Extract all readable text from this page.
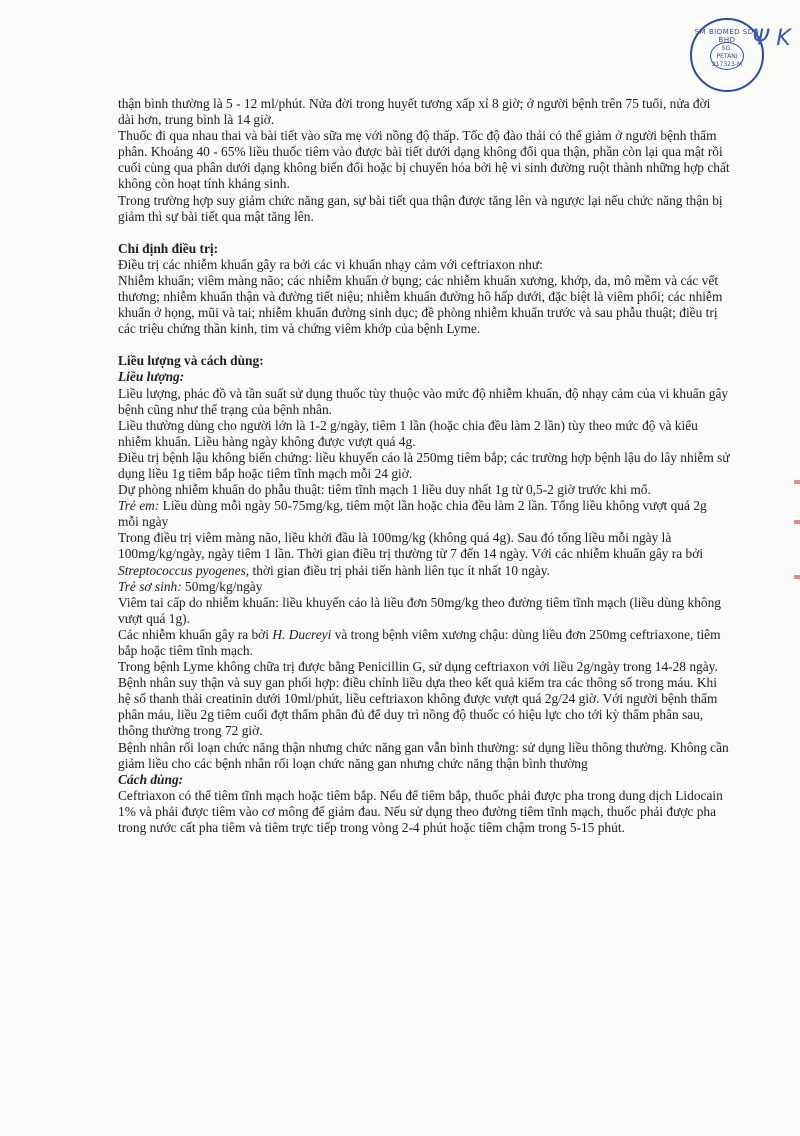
SM BIOMED SDN BHD
SG. PETANI
217323-M
Ψ K

thận bình thường là 5 - 12 ml/phút. Nửa đời trong huyết tương xấp xỉ 8 giờ; ở người bệnh trên 75 tuổi, nửa đời dài hơn, trung bình là 14 giờ.

Thuốc đi qua nhau thai và bài tiết vào sữa mẹ với nồng độ thấp. Tốc độ đào thải có thể giảm ở người bệnh thẩm phân. Khoảng 40 - 65% liều thuốc tiêm vào được bài tiết dưới dạng không đổi qua thận, phần còn lại qua mật rồi cuối cùng qua phân dưới dạng không biến đổi hoặc bị chuyển hóa bởi hệ vi sinh đường ruột thành những hợp chất không còn hoạt tính kháng sinh.

Trong trường hợp suy giảm chức năng gan, sự bài tiết qua thận được tăng lên và ngược lại nếu chức năng thận bị giảm thì sự bài tiết qua mật tăng lên.

Chỉ định điều trị:

Điều trị các nhiễm khuẩn gây ra bởi các vi khuẩn nhạy cảm với ceftriaxon như:

Nhiễm khuẩn; viêm màng não; các nhiễm khuẩn ở bụng; các nhiễm khuẩn xương, khớp, da, mô mềm và các vết thương; nhiễm khuẩn thận và đường tiết niệu; nhiễm khuẩn đường hô hấp dưới, đặc biệt là viêm phổi; các nhiễm khuẩn ở họng, mũi và tai; nhiễm khuẩn đường sinh dục; đề phòng nhiễm khuẩn trước và sau phẫu thuật; điều trị các triệu chứng thần kinh, tim và chứng viêm khớp của bệnh Lyme.

Liều lượng và cách dùng:

Liều lượng:

Liều lượng, phác đồ và tần suất sử dụng thuốc tùy thuộc vào mức độ nhiễm khuẩn, độ nhạy cảm của vi khuẩn gây bệnh cũng như thể trạng của bệnh nhân.

Liều thường dùng cho người lớn là 1-2 g/ngày, tiêm 1 lần (hoặc chia đều làm 2 lần) tùy theo mức độ và kiểu nhiễm khuẩn. Liều hàng ngày không được vượt quá 4g.

Điều trị bệnh lậu không biến chứng: liều khuyến cáo là 250mg tiêm bắp; các trường hợp bệnh lậu do lây nhiễm sử dụng liều 1g tiêm bắp hoặc tiêm tĩnh mạch mỗi 24 giờ.

Dự phòng nhiễm khuẩn do phẫu thuật: tiêm tĩnh mạch 1 liều duy nhất 1g từ 0,5-2 giờ trước khi mổ.

Trẻ em: Liều dùng mỗi ngày 50-75mg/kg, tiêm một lần hoặc chia đều làm 2 lần. Tổng liều không vượt quá 2g mỗi ngày

Trong điều trị viêm màng não, liều khởi đầu là 100mg/kg (không quá 4g). Sau đó tổng liều mỗi ngày là 100mg/kg/ngày, ngày tiêm 1 lần. Thời gian điều trị thường từ 7 đến 14 ngày. Với các nhiễm khuẩn gây ra bởi Streptococcus pyogenes, thời gian điều trị phải tiến hành liên tục ít nhất 10 ngày.

Trẻ sơ sinh: 50mg/kg/ngày

Viêm tai cấp do nhiễm khuẩn: liều khuyến cáo là liều đơn 50mg/kg theo đường tiêm tĩnh mạch (liều dùng không vượt quá 1g).

Các nhiễm khuẩn gây ra bởi H. Ducreyi và trong bệnh viêm xương chậu: dùng liều đơn 250mg ceftriaxone, tiêm bắp hoặc tiêm tĩnh mạch.

Trong bệnh Lyme không chữa trị được bằng Penicillin G, sử dụng ceftriaxon với liều 2g/ngày trong 14-28 ngày.

Bệnh nhân suy thận và suy gan phối hợp: điều chỉnh liều dựa theo kết quả kiểm tra các thông số trong máu. Khi hệ số thanh thải creatinin dưới 10ml/phút, liều ceftriaxon không được vượt quá 2g/24 giờ. Với người bệnh thẩm phân máu, liều 2g tiêm cuối đợt thẩm phân đủ để duy trì nồng độ thuốc có hiệu lực cho tới kỳ thẩm phân sau, thông thường trong 72 giờ.

Bệnh nhân rối loạn chức năng thận nhưng chức năng gan vẫn bình thường: sử dụng liều thông thường. Không cần giảm liều cho các bệnh nhân rối loạn chức năng gan nhưng chức năng thận bình thường

Cách dùng:

Ceftriaxon có thể tiêm tĩnh mạch hoặc tiêm bắp. Nếu để tiêm bắp, thuốc phải được pha trong dung dịch Lidocain 1% và phải được tiêm vào cơ mông để giảm đau. Nếu sử dụng theo đường tiêm tĩnh mạch, thuốc phải được pha trong nước cất pha tiêm và tiêm trực tiếp trong vòng 2-4 phút hoặc tiêm chậm trong 5-15 phút.
